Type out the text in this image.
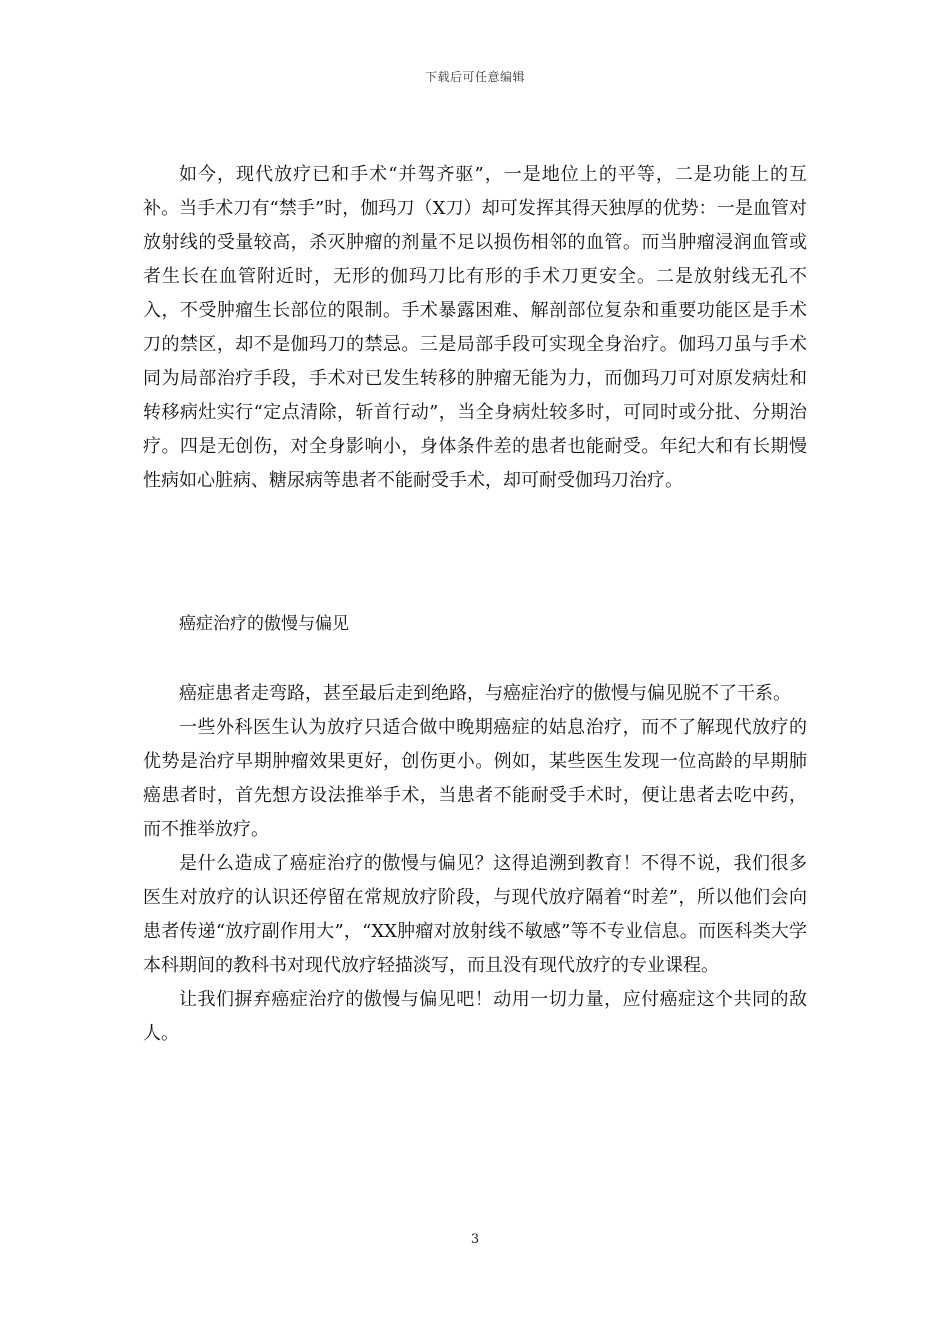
下载后可任意编辑

如今，现代放疗已和手术“并驾齐驱”，一是地位上的平等，二是功能上的互补。当手术刀有“禁手”时，伽玛刀（X刀）却可发挥其得天独厚的优势：一是血管对放射线的受量较高，杀灭肿瘤的剂量不足以损伤相邻的血管。而当肿瘤浸润血管或者生长在血管附近时，无形的伽玛刀比有形的手术刀更安全。二是放射线无孔不入，不受肿瘤生长部位的限制。手术暴露困难、解剖部位复杂和重要功能区是手术刀的禁区，却不是伽玛刀的禁忌。三是局部手段可实现全身治疗。伽玛刀虽与手术同为局部治疗手段，手术对已发生转移的肿瘤无能为力，而伽玛刀可对原发病灶和转移病灶实行“定点清除，斩首行动”，当全身病灶较多时，可同时或分批、分期治疗。四是无创伤，对全身影响小，身体条件差的患者也能耐受。年纪大和有长期慢性病如心脏病、糖尿病等患者不能耐受手术，却可耐受伽玛刀治疗。

癌症治疗的傲慢与偏见

癌症患者走弯路，甚至最后走到绝路，与癌症治疗的傲慢与偏见脱不了干系。

一些外科医生认为放疗只适合做中晚期癌症的姑息治疗，而不了解现代放疗的优势是治疗早期肿瘤效果更好，创伤更小。例如，某些医生发现一位高龄的早期肺癌患者时，首先想方设法推举手术，当患者不能耐受手术时，便让患者去吃中药，而不推举放疗。

是什么造成了癌症治疗的傲慢与偏见？这得追溯到教育！不得不说，我们很多医生对放疗的认识还停留在常规放疗阶段，与现代放疗隔着“时差”，所以他们会向患者传递“放疗副作用大”，“XX肿瘤对放射线不敏感”等不专业信息。而医科类大学本科期间的教科书对现代放疗轻描淡写，而且没有现代放疗的专业课程。

让我们摒弃癌症治疗的傲慢与偏见吧！动用一切力量，应付癌症这个共同的敌人。

3
